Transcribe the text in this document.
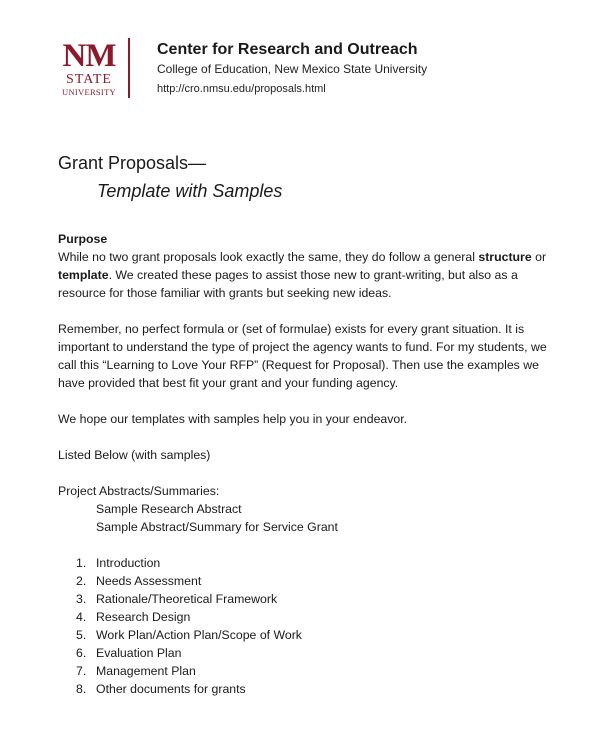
NM
STATE
UNIVERSITY
Center for Research and Outreach
College of Education, New Mexico State University
http://cro.nmsu.edu/proposals.html
Grant Proposals—
Template with Samples

Purpose

While no two grant proposals look exactly the same, they do follow a general structure or
template. We created these pages to assist those new to grant-writing, but also as a resource for those familiar with grants but seeking new ideas.

Remember, no perfect formula or (set of formulae) exists for every grant situation. It is important to understand the type of project the agency wants to fund. For my students, we call this “Learning to Love Your RFP” (Request for Proposal). Then use the examples we have provided that best fit your grant and your funding agency.

We hope our templates with samples help you in your endeavor.

Listed Below (with samples)

Project Abstracts/Summaries:

Sample Research Abstract

Sample Abstract/Summary for Service Grant

1. Introduction
2. Needs Assessment
3. Rationale/Theoretical Framework
4. Research Design
5. Work Plan/Action Plan/Scope of Work
6. Evaluation Plan
7. Management Plan
8. Other documents for grants
